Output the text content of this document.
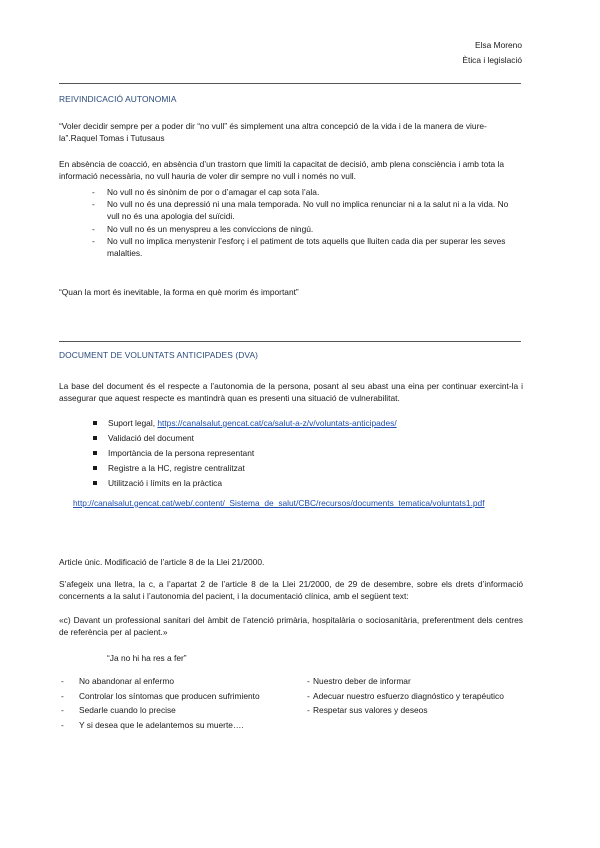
Elsa Moreno
Ètica i legislació
REIVINDICACIÓ AUTONOMIA
“Voler decidir sempre per a poder dir “no vull” és simplement una altra concepció de la vida i de la manera de viure-la”.Raquel Tomas i Tutusaus
En absència de coacció, en absència d’un trastorn que limiti la capacitat de decisió, amb plena consciència i amb tota la informació necessària, no vull hauria de voler dir sempre no vull i només no vull.
- No vull no és sinònim de por o d’amagar el cap sota l’ala.
- No vull no és una depressió ni una mala temporada. No vull no implica renunciar ni a la salut ni a la vida. No vull no és una apologia del suïcidi.
- No vull no és un menyspreu a les conviccions de ningú.
- No vull no implica menystenir l’esforç i el patiment de tots aquells que lluiten cada dia per superar les seves malalties.
“Quan la mort és inevitable, la forma en què morim és important”
DOCUMENT DE VOLUNTATS ANTICIPADES (DVA)
La base del document és el respecte a l’autonomia de la persona, posant al seu abast una eina per continuar exercint-la i assegurar que aquest respecte es mantindrà quan es presenti una situació de vulnerabilitat.
Suport legal, https://canalsalut.gencat.cat/ca/salut-a-z/v/voluntats-anticipades/
Validació del document
Importància de la persona representant
Registre a la HC, registre centralitzat
Utilització i límits en la pràctica
http://canalsalut.gencat.cat/web/.content/_Sistema_de_salut/CBC/recursos/documents_tematica/voluntats1.pdf
Article únic. Modificació de l’article 8 de la Llei 21/2000.
S’afegeix una lletra, la c, a l’apartat 2 de l’article 8 de la Llei 21/2000, de 29 de desembre, sobre els drets d’informació concernents a la salut i l’autonomia del pacient, i la documentació clínica, amb el següent text:
«c) Davant un professional sanitari del àmbit de l’atenció primària, hospitalària o sociosanitària, preferentment dels centres de referència per al pacient.»
“Ja no hi ha res a fer”
- No abandonar al enfermo
- Controlar los síntomas que producen sufrimiento
- Sedarle cuando lo precise
- Y si desea que le adelantemos su muerte….
- Nuestro deber de informar
- Adecuar nuestro esfuerzo diagnóstico y terapéutico
- Respetar sus valores y deseos
